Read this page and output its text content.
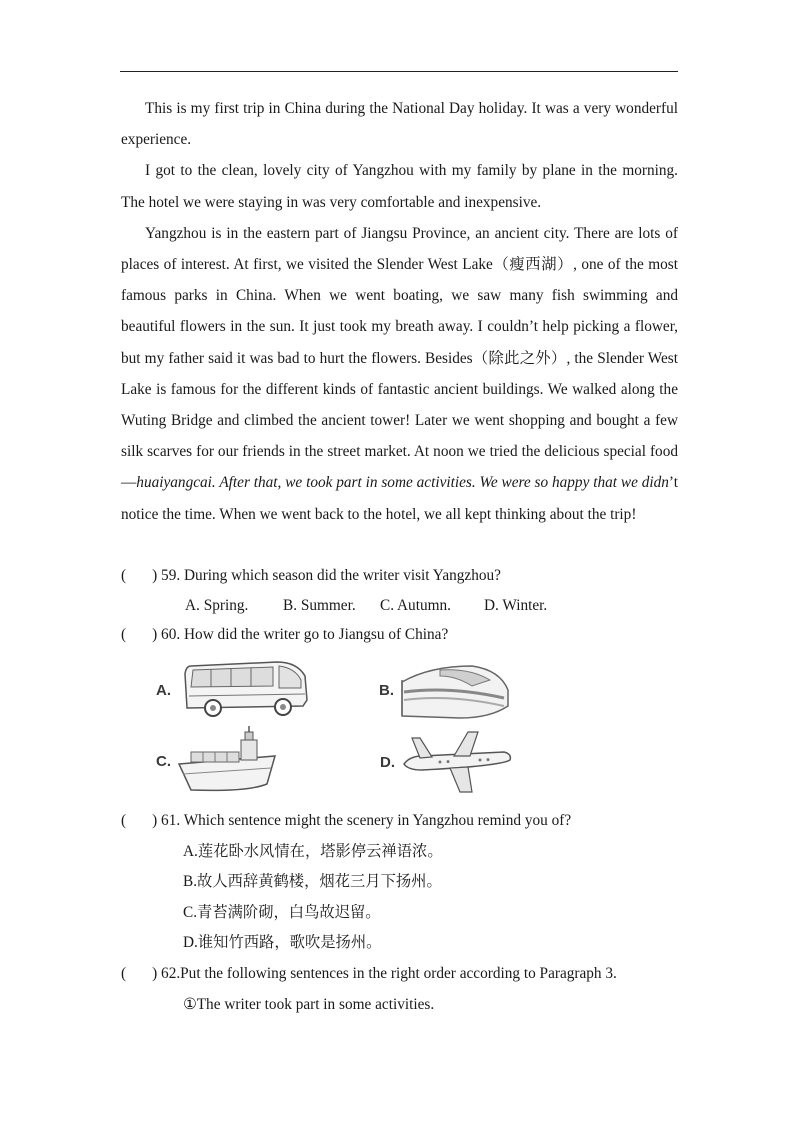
This is my first trip in China during the National Day holiday. It was a very wonderful experience.

I got to the clean, lovely city of Yangzhou with my family by plane in the morning. The hotel we were staying in was very comfortable and inexpensive.

Yangzhou is in the eastern part of Jiangsu Province, an ancient city. There are lots of places of interest. At first, we visited the Slender West Lake（瘦西湖）, one of the most famous parks in China. When we went boating, we saw many fish swimming and beautiful flowers in the sun. It just took my breath away. I couldn’t help picking a flower, but my father said it was bad to hurt the flowers. Besides（除此之外）, the Slender West Lake is famous for the different kinds of fantastic ancient buildings. We walked along the Wuting Bridge and climbed the ancient tower! Later we went shopping and bought a few silk scarves for our friends in the street market. At noon we tried the delicious special food—huaiyangcai. After that, we took part in some activities. We were so happy that we didn’t notice the time. When we went back to the hotel, we all kept thinking about the trip!

( ) 59. During which season did the writer visit Yangzhou?
A. Spring. B. Summer. C. Autumn. D. Winter.
( ) 60. How did the writer go to Jiangsu of China?
A.	B.
C.	D.
( ) 61. Which sentence might the scenery in Yangzhou remind you of?
A.莲花卧水风情在，塔影停云禅语浓。
B.故人西辞黄鹤楼，烟花三月下扬州。
C.青苔满阶砌，白鸟故迟留。
D.谁知竹西路，歌吹是扬州。
( ) 62.Put the following sentences in the right order according to Paragraph 3.
①The writer took part in some activities.
